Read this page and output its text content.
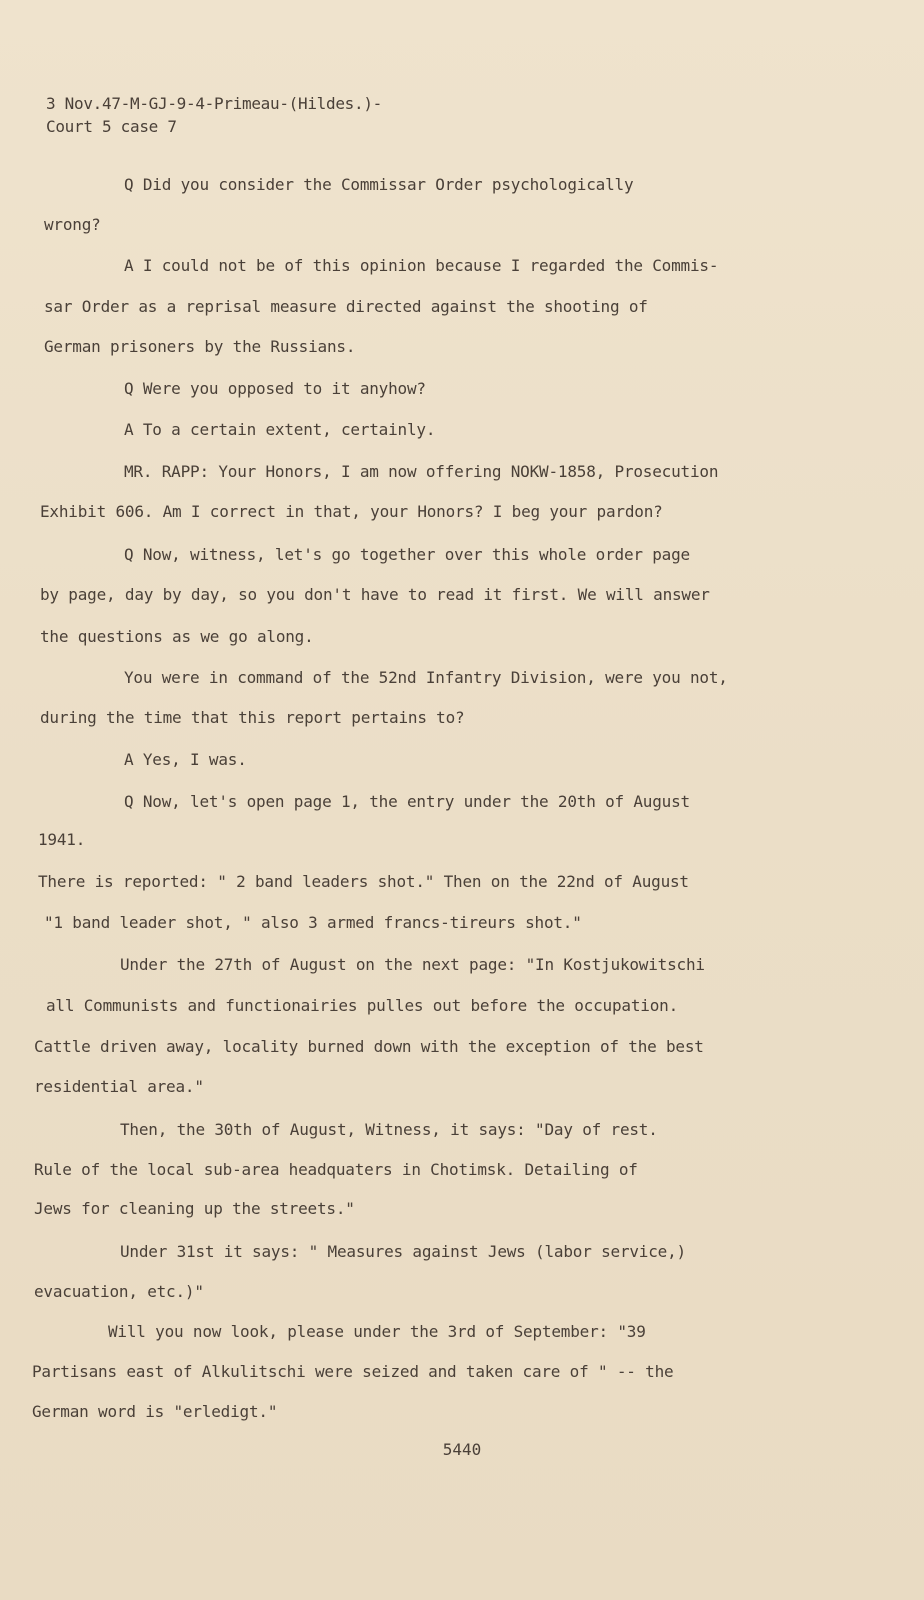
3 Nov.47-M-GJ-9-4-Primeau-(Hildes.)-
Court 5 case 7
Q Did you consider the Commissar Order psychologically
wrong?
A I could not be of this opinion because I regarded the Commis-
sar Order as a reprisal measure directed against the shooting of
German prisoners by the Russians.
Q Were you opposed to it anyhow?
A To a certain extent, certainly.
MR. RAPP: Your Honors, I am now offering NOKW-1858, Prosecution
Exhibit 606. Am I correct in that, your Honors? I beg your pardon?
Q Now, witness, let's go together over this whole order page
by page, day by day, so you don't have to read it first. We will answer
the questions as we go along.
You were in command of the 52nd Infantry Division, were you not,
during the time that this report pertains to?
A Yes, I was.
Q Now, let's open page 1, the entry under the 20th of August
1941.
There is reported: " 2 band leaders shot." Then on the 22nd of August
"1 band leader shot, " also 3 armed francs-tireurs shot."
Under the 27th of August on the next page: "In Kostjukowitschi
all Communists and functionairies pulles out before the occupation.
Cattle driven away, locality burned down with the exception of the best
residential area."
Then, the 30th of August, Witness, it says: "Day of rest.
Rule of the local sub-area headquaters in Chotimsk. Detailing of
Jews for cleaning up the streets."
Under 31st it says: " Measures against Jews (labor service,)
evacuation, etc.)"
Will you now look, please under the 3rd of September: "39
Partisans east of Alkulitschi were seized and taken care of " -- the
German word is "erledigt."
5440
